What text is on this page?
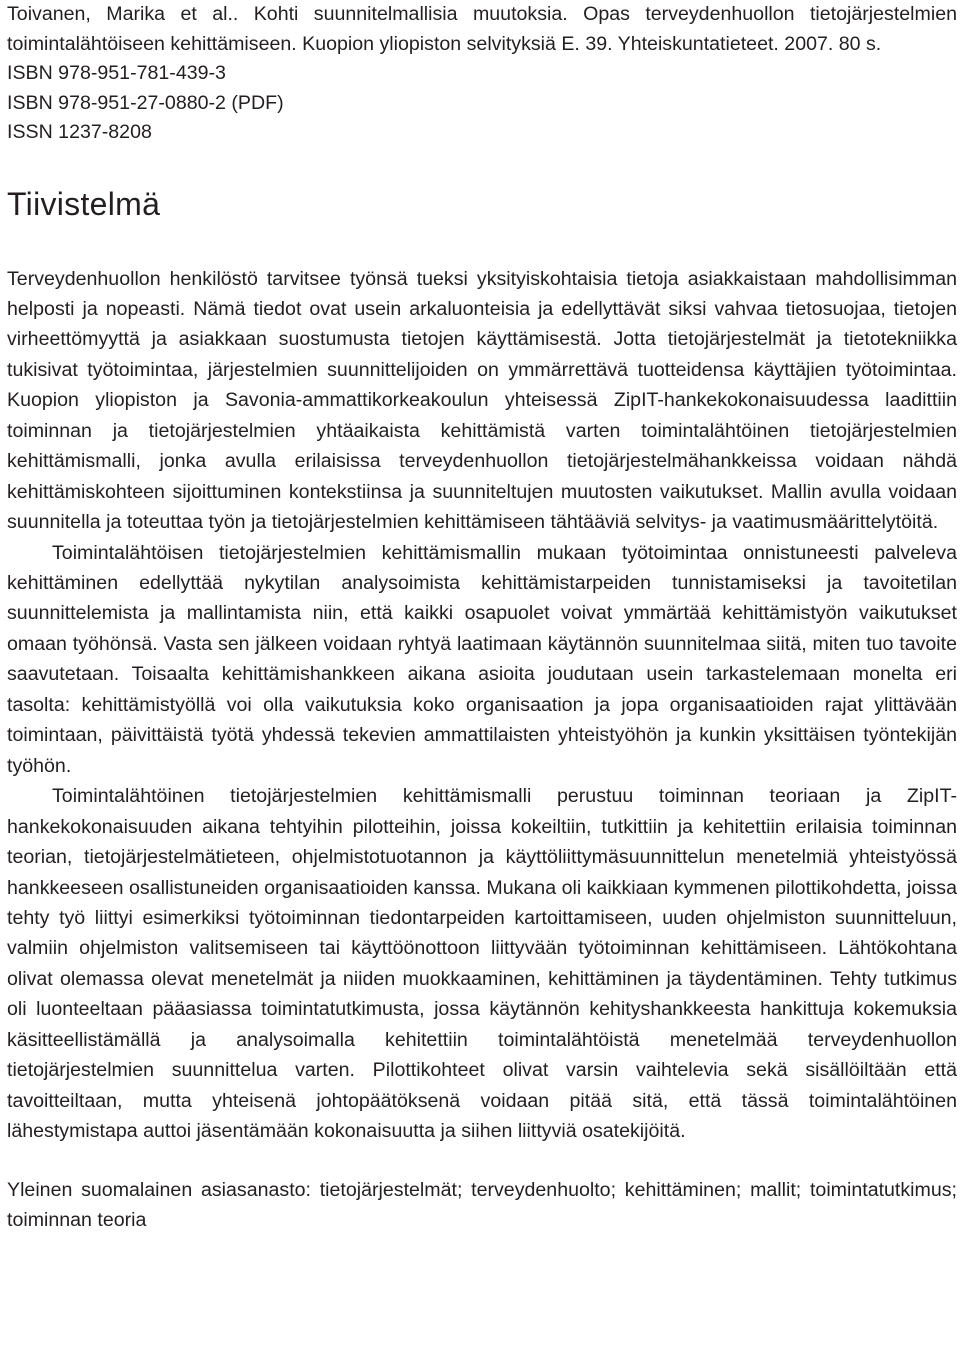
Toivanen, Marika et al.. Kohti suunnitelmallisia muutoksia. Opas terveydenhuollon tietojärjestelmien toimintalähtöiseen kehittämiseen. Kuopion yliopiston selvityksiä E. 39. Yhteiskuntatieteet. 2007. 80 s.

ISBN 978-951-781-439-3
ISBN 978-951-27-0880-2 (PDF)
ISSN 1237-8208
Tiivistelmä

Terveydenhuollon henkilöstö tarvitsee työnsä tueksi yksityiskohtaisia tietoja asiakkaistaan mahdollisimman helposti ja nopeasti. Nämä tiedot ovat usein arkaluonteisia ja edellyttävät siksi vahvaa tietosuojaa, tietojen virheettömyyttä ja asiakkaan suostumusta tietojen käyttämisestä. Jotta tietojärjestelmät ja tietotekniikka tukisivat työtoimintaa, järjestelmien suunnittelijoiden on ymmärrettävä tuotteidensa käyttäjien työtoimintaa. Kuopion yliopiston ja Savonia-ammattikorkeakoulun yhteisessä ZipIT-hankekokonaisuudessa laadittiin toiminnan ja tietojärjestelmien yhtäaikaista kehittämistä varten toimintalähtöinen tietojärjestelmien kehittämismalli, jonka avulla erilaisissa terveydenhuollon tietojärjestelmähankkeissa voidaan nähdä kehittämiskohteen sijoittuminen kontekstiinsa ja suunniteltujen muutosten vaikutukset. Mallin avulla voidaan suunnitella ja toteuttaa työn ja tietojärjestelmien kehittämiseen tähtääviä selvitys- ja vaatimusmäärittelytöitä.

Toimintalähtöisen tietojärjestelmien kehittämismallin mukaan työtoimintaa onnistuneesti palveleva kehittäminen edellyttää nykytilan analysoimista kehittämistarpeiden tunnistamiseksi ja tavoitetilan suunnittelemista ja mallintamista niin, että kaikki osapuolet voivat ymmärtää kehittämistyön vaikutukset omaan työhönsä. Vasta sen jälkeen voidaan ryhtyä laatimaan käytännön suunnitelmaa siitä, miten tuo tavoite saavutetaan. Toisaalta kehittämishankkeen aikana asioita joudutaan usein tarkastelemaan monelta eri tasolta: kehittämistyöllä voi olla vaikutuksia koko organisaation ja jopa organisaatioiden rajat ylittävään toimintaan, päivittäistä työtä yhdessä tekevien ammattilaisten yhteistyöhön ja kunkin yksittäisen työntekijän työhön.

Toimintalähtöinen tietojärjestelmien kehittämismalli perustuu toiminnan teoriaan ja ZipIT-hankekokonaisuuden aikana tehtyihin pilotteihin, joissa kokeiltiin, tutkittiin ja kehitettiin erilaisia toiminnan teorian, tietojärjestelmätieteen, ohjelmistotuotannon ja käyttöliittymäsuunnittelun menetelmiä yhteistyössä hankkeeseen osallistuneiden organisaatioiden kanssa. Mukana oli kaikkiaan kymmenen pilottikohdetta, joissa tehty työ liittyi esimerkiksi työtoiminnan tiedontarpeiden kartoittamiseen, uuden ohjelmiston suunnitteluun, valmiin ohjelmiston valitsemiseen tai käyttöönottoon liittyvään työtoiminnan kehittämiseen. Lähtökohtana olivat olemassa olevat menetelmät ja niiden muokkaaminen, kehittäminen ja täydentäminen. Tehty tutkimus oli luonteeltaan pääasiassa toimintatutkimusta, jossa käytännön kehityshankkeesta hankittuja kokemuksia käsitteellistämällä ja analysoimalla kehitettiin toimintalähtöistä menetelmää terveydenhuollon tietojärjestelmien suunnittelua varten. Pilottikohteet olivat varsin vaihtelevia sekä sisällöiltään että tavoitteiltaan, mutta yhteisenä johtopäätöksenä voidaan pitää sitä, että tässä toimintalähtöinen lähestymistapa auttoi jäsentämään kokonaisuutta ja siihen liittyviä osatekijöitä.

Yleinen suomalainen asiasanasto: tietojärjestelmät; terveydenhuolto; kehittäminen; mallit; toimintatutkimus; toiminnan teoria
